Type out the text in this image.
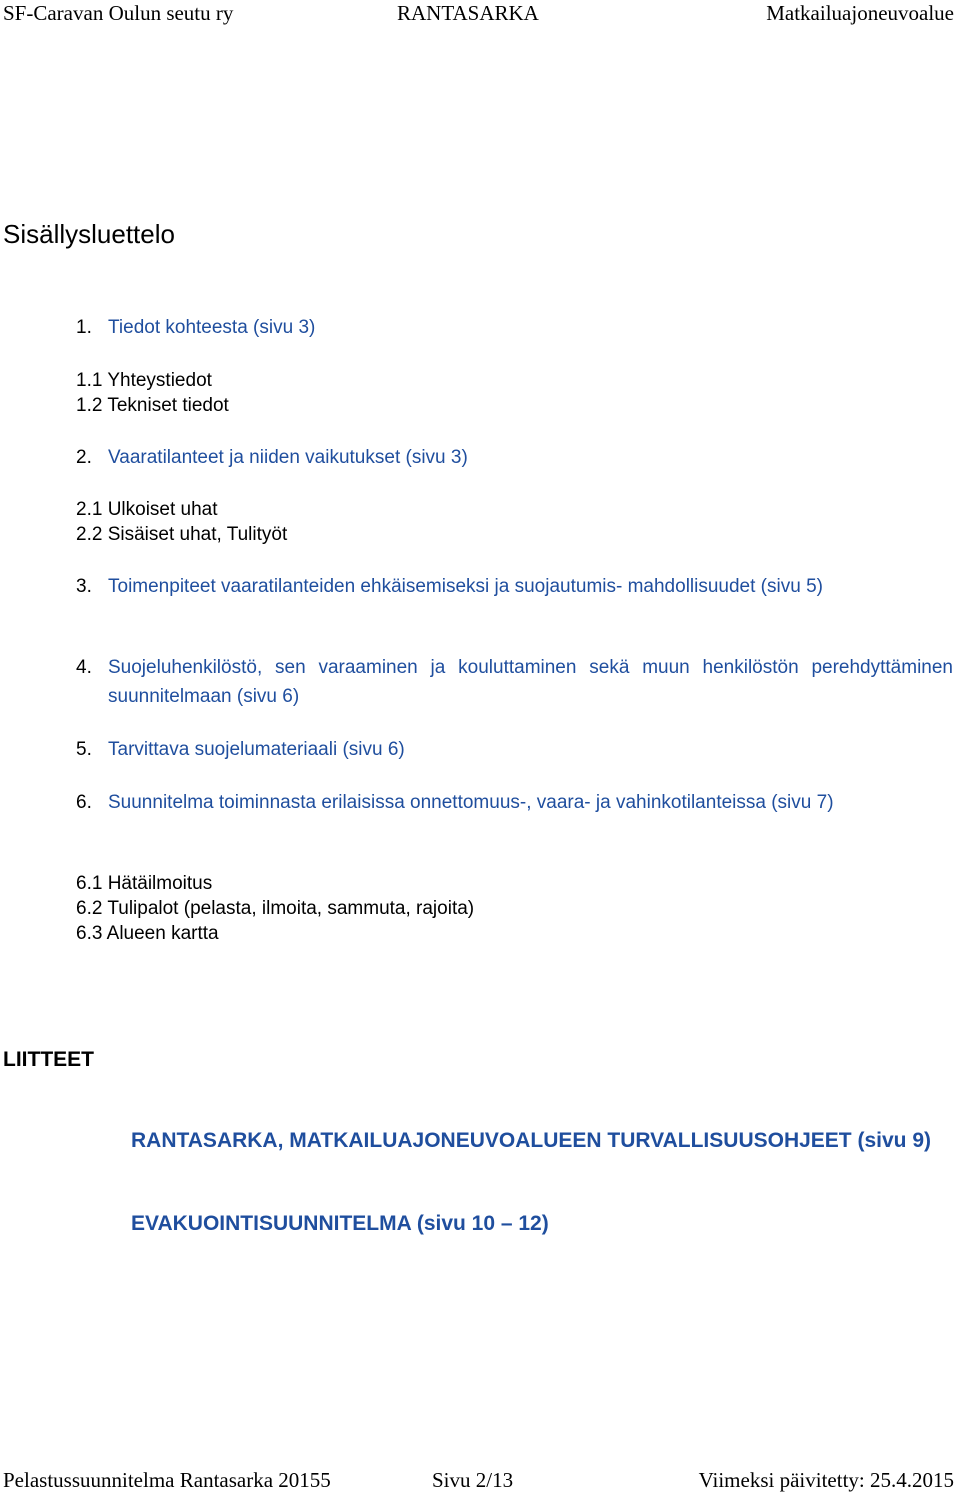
SF-Caravan Oulun seutu ry	RANTASARKA	Matkailuajoneuvoalue
Sisällysluettelo
1. Tiedot kohteesta (sivu 3)
1.1 Yhteystiedot
1.2 Tekniset tiedot
2. Vaaratilanteet ja niiden vaikutukset (sivu 3)
2.1 Ulkoiset uhat
2.2 Sisäiset uhat, Tulityöt
3. Toimenpiteet vaaratilanteiden ehkäisemiseksi ja suojautumis- mahdollisuudet (sivu 5)
4. Suojeluhenkilöstö, sen varaaminen ja kouluttaminen sekä muun henkilöstön perehdyttäminen suunnitelmaan (sivu 6)
5. Tarvittava suojelumateriaali (sivu 6)
6. Suunnitelma toiminnasta erilaisissa onnettomuus-, vaara- ja vahinkotilanteissa (sivu 7)
6.1 Hätäilmoitus
6.2 Tulipalot (pelasta, ilmoita, sammuta, rajoita)
6.3 Alueen kartta
LIITTEET
RANTASARKA, MATKAILUAJONEUVOALUEEN TURVALLISUUSOHJEET (sivu 9)
EVAKUOINTISUUNNITELMA (sivu 10 – 12)
Pelastussuunnitelma Rantasarka 20155	Sivu 2/13	Viimeksi päivitetty: 25.4.2015
